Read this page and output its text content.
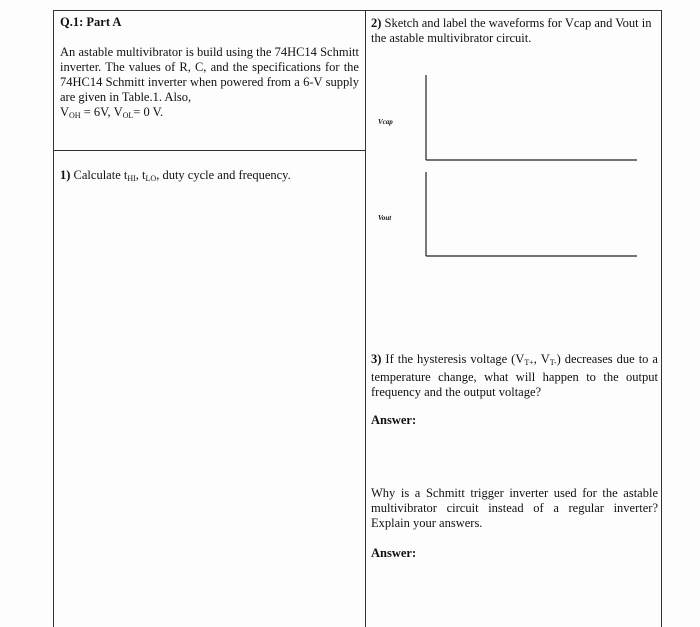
Q.1: Part A
An astable multivibrator is build using the 74HC14 Schmitt inverter. The values of R, C, and the specifications for the 74HC14 Schmitt inverter when powered from a 6-V supply are given in Table.1. Also,
$V_{OH} = 6V$, $V_{OL}= 0$ V.
1) Calculate $t_{HI}$, $t_{LO}$, duty cycle and frequency.
2) Sketch and label the waveforms for Vcap and Vout in the astable multivibrator circuit.
Vcap
Vout
3) If the hysteresis voltage ($V_{T+}$, $V_{T-}$) decreases due to a temperature change, what will happen to the output frequency and the output voltage?
Answer:
Why is a Schmitt trigger inverter used for the astable multivibrator circuit instead of a regular inverter? Explain your answers.
Answer:
